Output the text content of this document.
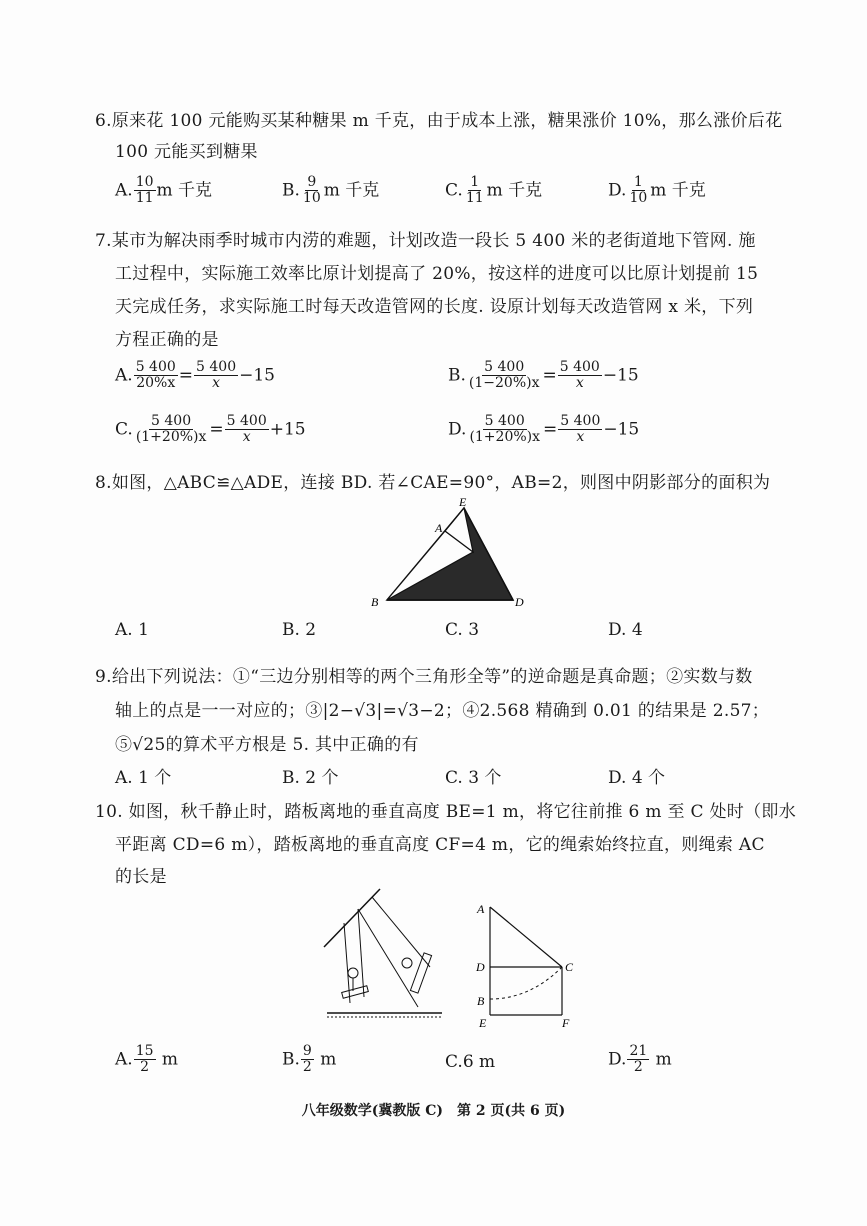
6.原来花 100 元能购买某种糖果 m 千克，由于成本上涨，糖果涨价 10%，那么涨价后花
100 元能买到糖果
A. $\frac{10}{11}$ m 千克	B. $\frac{9}{10}$ m 千克	C. $\frac{1}{11}$ m 千克	D. $\frac{1}{10}$ m 千克
7.某市为解决雨季时城市内涝的难题，计划改造一段长 5 400 米的老街道地下管网. 施
工过程中，实际施工效率比原计划提高了 20%，按这样的进度可以比原计划提前 15
天完成任务，求实际施工时每天改造管网的长度. 设原计划每天改造管网 x 米，下列
方程正确的是
A. $\frac{5 400}{20\%x} = \frac{5 400}{x} -15$	B. $\frac{5 400}{(1-20\%)x} = \frac{5 400}{x} -15$
C. $\frac{5 400}{(1+20\%)x} = \frac{5 400}{x} +15$	D. $\frac{5 400}{(1+20\%)x} = \frac{5 400}{x} -15$
8.如图，△ABC≌△ADE，连接 BD. 若∠CAE=90°，AB=2，则图中阴影部分的面积为
E
A
B	D
A. 1	B. 2	C. 3	D. 4
9.给出下列说法：①“三边分别相等的两个三角形全等”的逆命题是真命题；②实数与数
轴上的点是一一对应的；③|2−√3|=√3−2；④2.568 精确到 0.01 的结果是 2.57；
⑤√25的算术平方根是 5. 其中正确的有
A. 1 个	B. 2 个	C. 3 个	D. 4 个
10. 如图，秋千静止时，踏板离地的垂直高度 BE=1 m，将它往前推 6 m 至 C 处时（即水
平距离 CD=6 m），踏板离地的垂直高度 CF=4 m，它的绳索始终拉直，则绳索 AC
的长是
A
D	C
B
E	F
A. $\frac{15}{2}$ m	B. $\frac{9}{2}$ m	C.6 m	D. $\frac{21}{2}$ m
八年级数学(冀教版 C)　第 2 页(共 6 页)
